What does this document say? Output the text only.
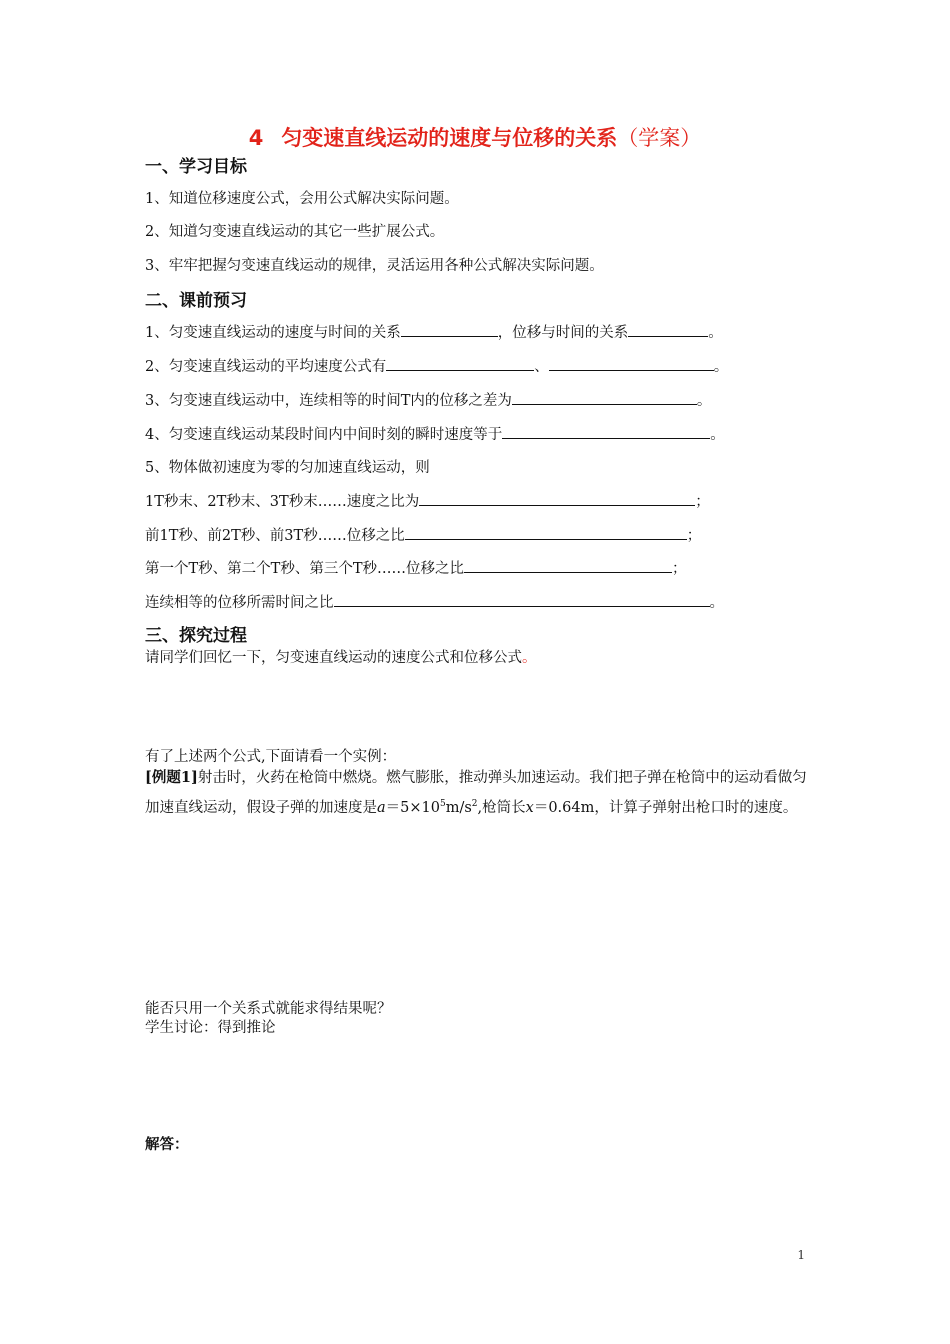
4 匀变速直线运动的速度与位移的关系（学案）
一、学习目标
1、知道位移速度公式，会用公式解决实际问题。
2、知道匀变速直线运动的其它一些扩展公式。
3、牢牢把握匀变速直线运动的规律，灵活运用各种公式解决实际问题。
二、课前预习
1、匀变速直线运动的速度与时间的关系	，位移与时间的关系	。
2、匀变速直线运动的平均速度公式有	、	。
3、匀变速直线运动中，连续相等的时间T内的位移之差为	。
4、匀变速直线运动某段时间内中间时刻的瞬时速度等于	。
5、物体做初速度为零的匀加速直线运动，则
1T秒末、2T秒末、3T秒末……速度之比为	；
前1T秒、前2T秒、前3T秒……位移之比	；
第一个T秒、第二个T秒、第三个T秒……位移之比	；
连续相等的位移所需时间之比	。
三、探究过程
请同学们回忆一下，匀变速直线运动的速度公式和位移公式。
有了上述两个公式,下面请看一个实例：
[例题1]射击时，火药在枪筒中燃烧。燃气膨胀，推动弹头加速运动。我们把子弹在枪筒中的运动看做匀加速直线运动，假设子弹的加速度是$a=5\times 10^5m/s^2$,枪筒长x＝0.64m，计算子弹射出枪口时的速度。
能否只用一个关系式就能求得结果呢？
学生讨论：得到推论
解答：
1
